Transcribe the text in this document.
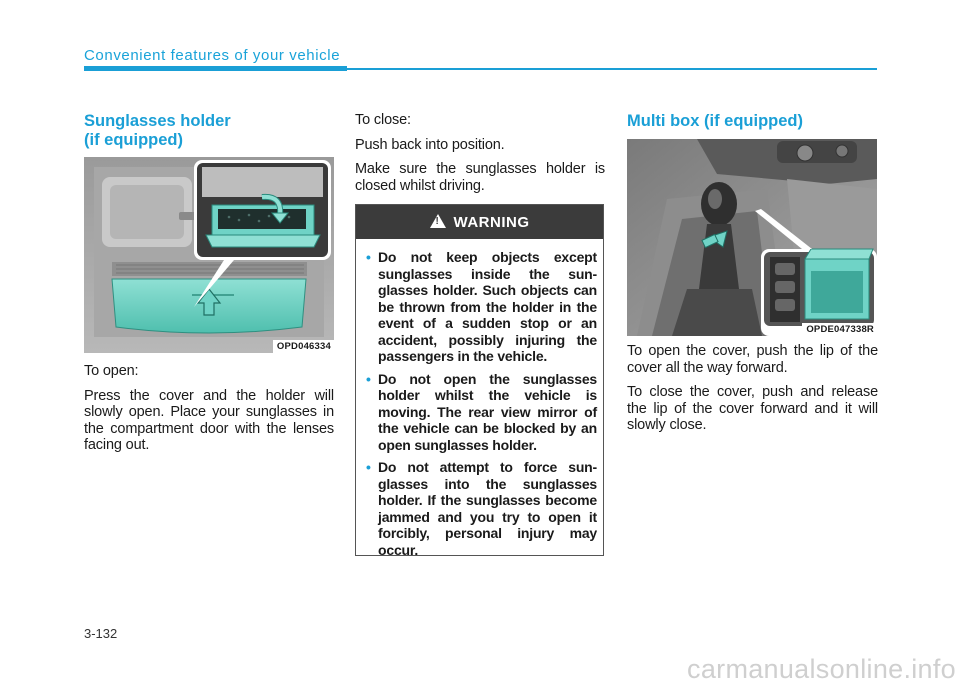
Convenient features of your vehicle

Sunglasses holder

(if equipped)

OPD046334

To open:

Press the cover and the holder will slowly open. Place your sunglasses in the compartment door with the lenses facing out.

To close:

Push back into position.

Make sure the sunglasses holder is closed whilst driving.

!
WARNING
• Do not keep objects except sunglasses inside the sun- glasses holder. Such objects can be thrown from the holder in the event of a sudden stop or an accident, possibly injuring the passengers in the vehicle.
• Do not open the sunglasses holder whilst the vehicle is moving. The rear view mirror of the vehicle can be blocked by an open sunglasses holder.
• Do not attempt to force sun- glasses into the sunglasses holder. If the sunglasses become jammed and you try to open it forcibly, personal injury may occur.

Multi box (if equipped)

OPDE047338R

To open the cover, push the lip of the cover all the way forward.

To close the cover, push and release the lip of the cover forward and it will slowly close.

3-132
carmanualsonline.info
